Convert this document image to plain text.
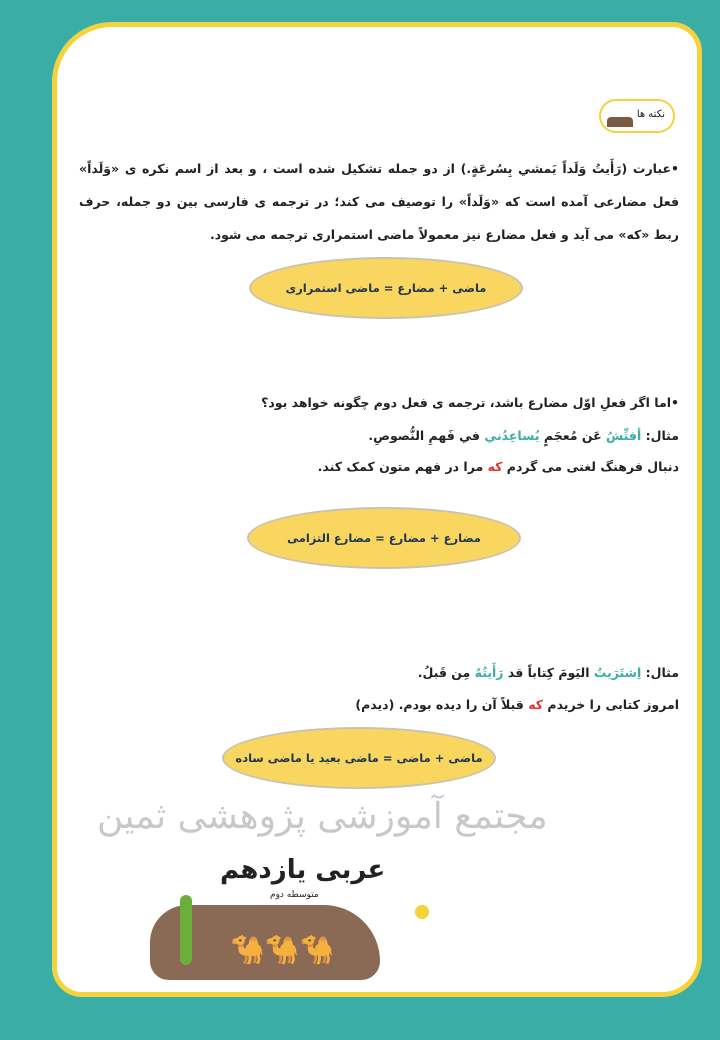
نکته ها
•عبارت (رَأَيتُ وَلَداً يَمشي بِسُرعَةٍ.) از دو جمله تشکیل شده است ، و بعد از اسم نکره ی «وَلَداً» فعل مضارعی آمده است که «وَلَداً» را توصیف می کند؛ در ترجمه ی فارسی بین دو جمله، حرف ربط «که» می آید و فعل مضارع نیز معمولاً ماضی استمراری ترجمه می شود.
ماضی + مضارع = ماضی استمراری
•اما اگر فعلِ اوّل مضارع باشد، ترجمه ی فعل دوم چگونه خواهد بود؟
مثال: أفتِّشُ عَن مُعجَمٍ يُساعِدُني في فَهمِ النُّصوصِ.
دنبال فرهنگ لغتی می گردم که مرا در فهم متون کمک کند.
مضارع + مضارع = مضارع التزامی
مثال: اِشتَرَيتُ اليَومَ كِتاباً قد رَأَيتُهُ مِن قَبلُ.
امروز کتابی را خریدم که قبلاً آن را دیده بودم. (دیدم)
ماضی + ماضی = ماضی بعید یا ماضی ساده
مجتمع آموزشی پژوهشی ثمین
🐪🐪🐪
عربی یازدهم
متوسطه دوم
